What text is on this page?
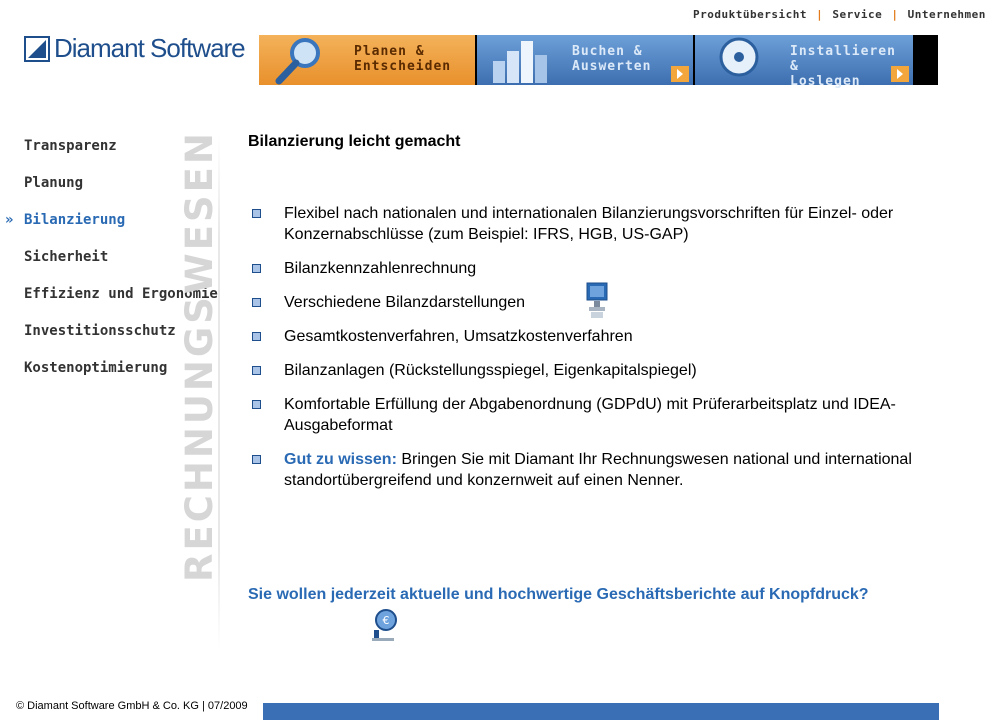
Produktübersicht | Service | Unternehmen
Diamant Software	Planen &
Entscheiden
Buchen &
Auswerten
Installieren &
Loslegen
Transparenz
Planung
» Bilanzierung
Sicherheit
Effizienz und Ergonomie
Investitionsschutz
Kostenoptimierung RECHNUNGSWESEN Bilanzierung leicht gemacht
Flexibel nach nationalen und internationalen Bilanzierungsvorschriften für Einzel- oder Konzernabschlüsse (zum Beispiel: IFRS, HGB, US-GAP)
Bilanzkennzahlenrechnung
Verschiedene Bilanzdarstellungen
Gesamtkostenverfahren, Umsatzkostenverfahren
Bilanzanlagen (Rückstellungsspiegel, Eigenkapitalspiegel)
Komfortable Erfüllung der Abgabenordnung (GDPdU) mit Prüferarbeitsplatz und IDEA-Ausgabeformat
Gut zu wissen: Bringen Sie mit Diamant Ihr Rechnungswesen national und international standortübergreifend und konzernweit auf einen Nenner.
Sie wollen jederzeit aktuelle und hochwertige Geschäftsberichte auf Knopfdruck?
€
© Diamant Software GmbH & Co. KG | 07/2009
